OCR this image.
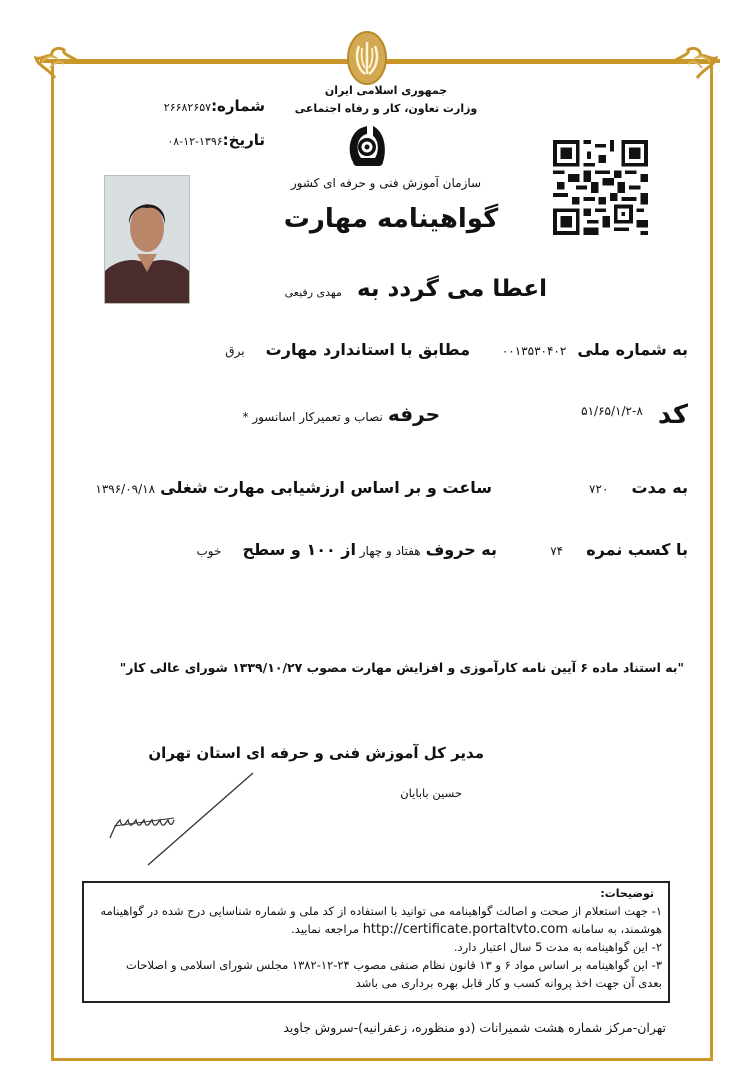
جمهوری اسلامی ایران
وزارت تعاون، کار و رفاه اجتماعی
سازمان آموزش فنی و حرفه ای کشور
شماره:۲۶۶۸۲۶۵۷
تاریخ:۱۳۹۶-۱۲-۰۸
گواهینامه مهارت
اعطا می گردد به مهدی رفیعی
به شماره ملی ۰۰۱۳۵۳۰۴۰۲
مطابق با استاندارد مهارت برق
کد $^{۸-۵۱/۶۵/۱/۲}$
حرفه نصاب و تعمیرکار اسانسور *
به مدت ۷۲۰
ساعت و بر اساس ارزشیابی مهارت شغلی ۱۳۹۶/۰۹/۱۸
با کسب نمره ۷۴
به حروف هفتاد و چهار
از ۱۰۰ و سطح خوب
"به استناد ماده ۶ آیین نامه کارآموزی و افزایش مهارت مصوب ۱۳۳۹/۱۰/۲۷ شورای عالی کار"
مدیر کل آموزش فنی و حرفه ای استان تهران
حسین بابایان
توضیحات:
۱- جهت استعلام از صحت و اصالت گواهینامه می توانید با استفاده از کد ملی و شماره شناسایی درج شده در گواهینامه
هوشمند، به سامانه http://certificate.portaltvto.com مراجعه نمایید.
۲- این گواهینامه به مدت 5 سال اعتبار دارد.
۳- این گواهینامه بر اساس مواد ۶ و ۱۳ قانون نظام صنفی مصوب ۲۴-۱۲-۱۳۸۲ مجلس شورای اسلامی و اصلاحات
بعدی آن جهت اخذ پروانه کسب و کار قابل بهره برداری می باشد
تهران-مرکز شماره هشت شمیرانات (دو منظوره، زعفرانیه)-سروش جاوید
